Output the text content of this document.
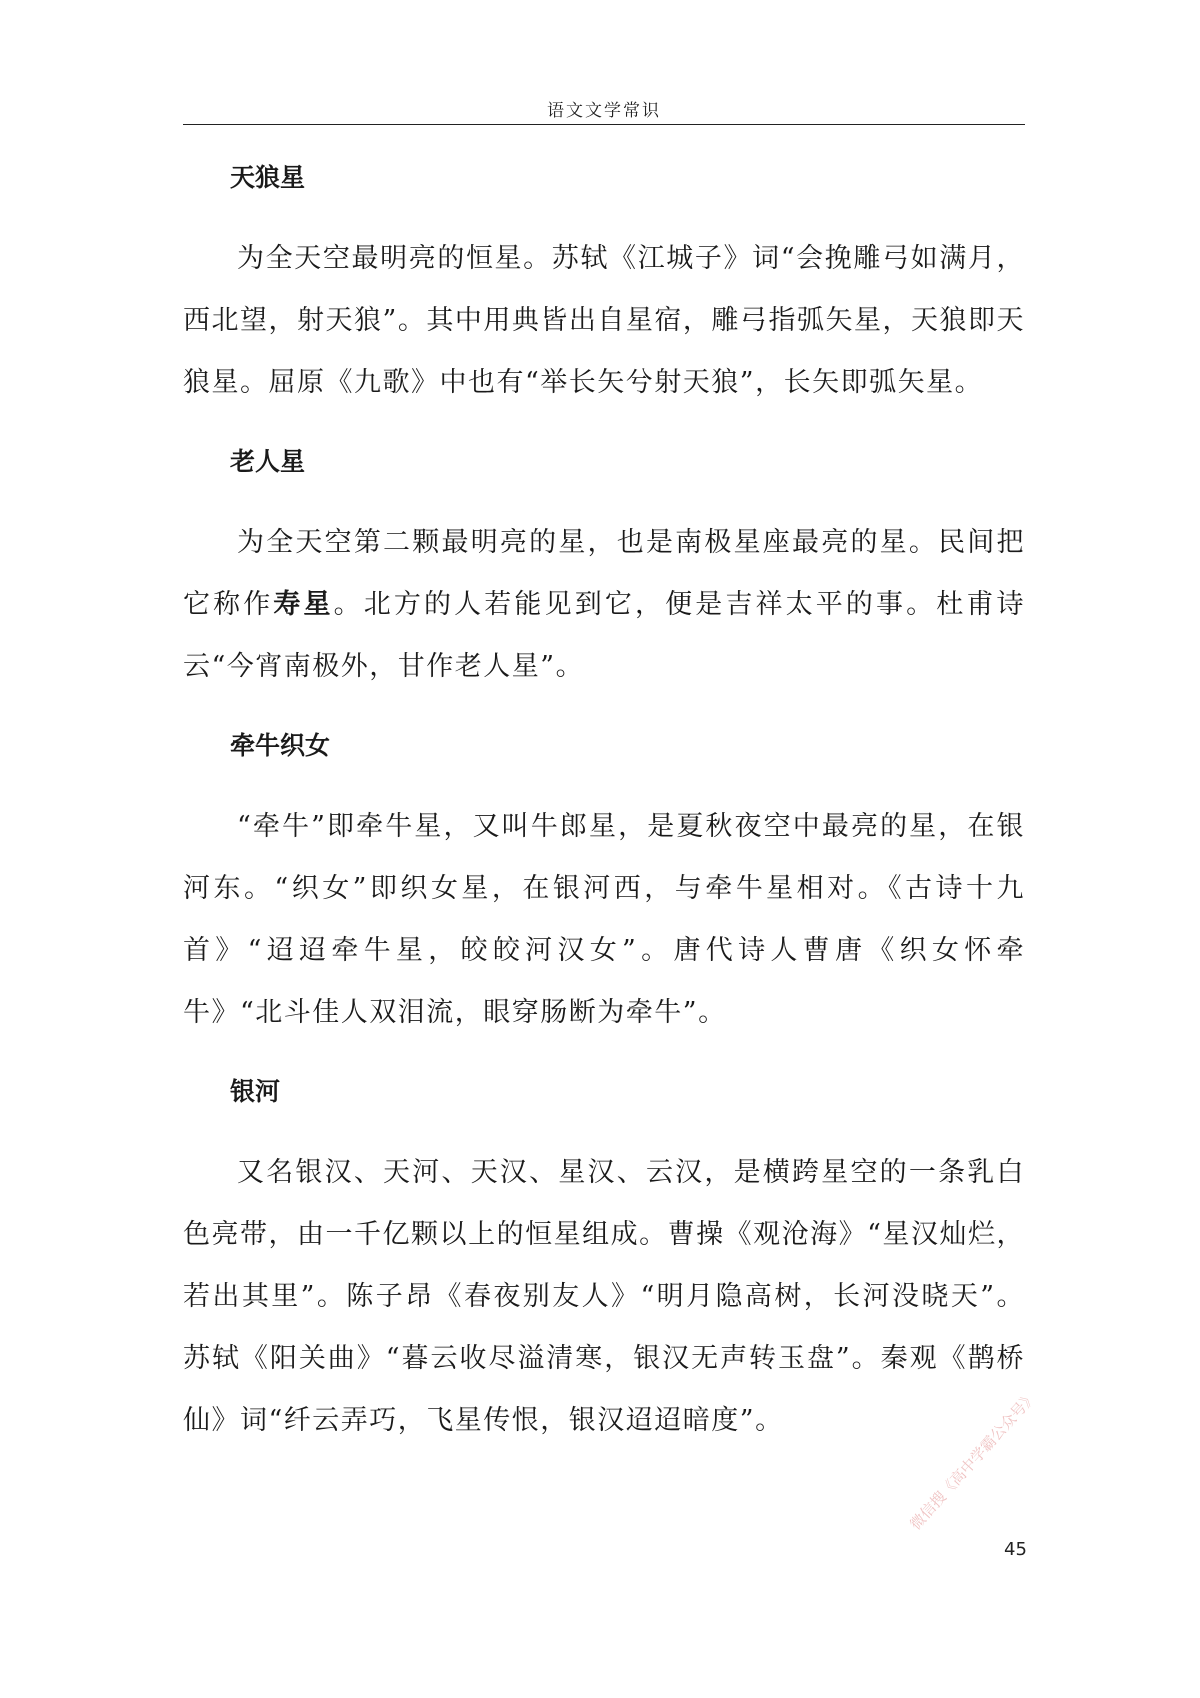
语文文学常识
天狼星

为全天空最明亮的恒星。苏轼《江城子》词“会挽雕弓如满月，西北望，射天狼”。其中用典皆出自星宿，雕弓指弧矢星，天狼即天狼星。屈原《九歌》中也有“举长矢兮射天狼”，长矢即弧矢星。

老人星

为全天空第二颗最明亮的星，也是南极星座最亮的星。民间把它称作寿星。北方的人若能见到它，便是吉祥太平的事。杜甫诗云“今宵南极外，甘作老人星”。

牵牛织女

“牵牛”即牵牛星，又叫牛郎星，是夏秋夜空中最亮的星，在银河东。“织女”即织女星，在银河西，与牵牛星相对。《古诗十九首》“迢迢牵牛星，皎皎河汉女”。唐代诗人曹唐《织女怀牵牛》“北斗佳人双泪流，眼穿肠断为牵牛”。

银河

又名银汉、天河、天汉、星汉、云汉，是横跨星空的一条乳白色亮带，由一千亿颗以上的恒星组成。曹操《观沧海》“星汉灿烂，若出其里”。陈子昂《春夜别友人》“明月隐高树，长河没晓天”。苏轼《阳关曲》“暮云收尽溢清寒，银汉无声转玉盘”。秦观《鹊桥仙》词“纤云弄巧，飞星传恨，银汉迢迢暗度”。

45
微信搜《高中学霸公众号》
